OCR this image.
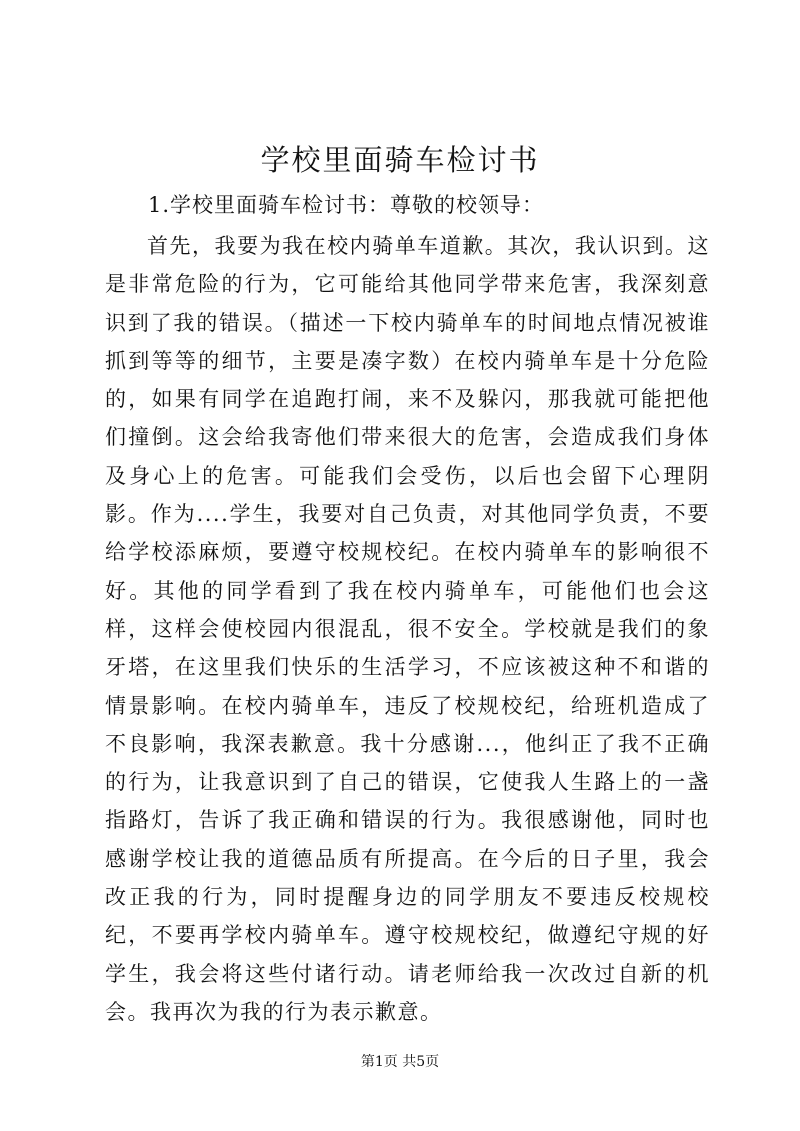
学校里面骑车检讨书
1.学校里面骑车检讨书：尊敬的校领导：

首先，我要为我在校内骑单车道歉。其次，我认识到。这是非常危险的行为，它可能给其他同学带来危害，我深刻意识到了我的错误。（描述一下校内骑单车的时间地点情况被谁抓到等等的细节，主要是凑字数）在校内骑单车是十分危险的，如果有同学在追跑打闹，来不及躲闪，那我就可能把他们撞倒。这会给我寄他们带来很大的危害，会造成我们身体及身心上的危害。可能我们会受伤，以后也会留下心理阴影。作为....学生，我要对自己负责，对其他同学负责，不要给学校添麻烦，要遵守校规校纪。在校内骑单车的影响很不好。其他的同学看到了我在校内骑单车，可能他们也会这样，这样会使校园内很混乱，很不安全。学校就是我们的象牙塔，在这里我们快乐的生活学习，不应该被这种不和谐的情景影响。在校内骑单车，违反了校规校纪，给班机造成了不良影响，我深表歉意。我十分感谢...，他纠正了我不正确的行为，让我意识到了自己的错误，它使我人生路上的一盏指路灯，告诉了我正确和错误的行为。我很感谢他，同时也感谢学校让我的道德品质有所提高。在今后的日子里，我会改正我的行为，同时提醒身边的同学朋友不要违反校规校纪，不要再学校内骑单车。遵守校规校纪，做遵纪守规的好学生，我会将这些付诸行动。请老师给我一次改过自新的机会。我再次为我的行为表示歉意。

第1页 共5页
